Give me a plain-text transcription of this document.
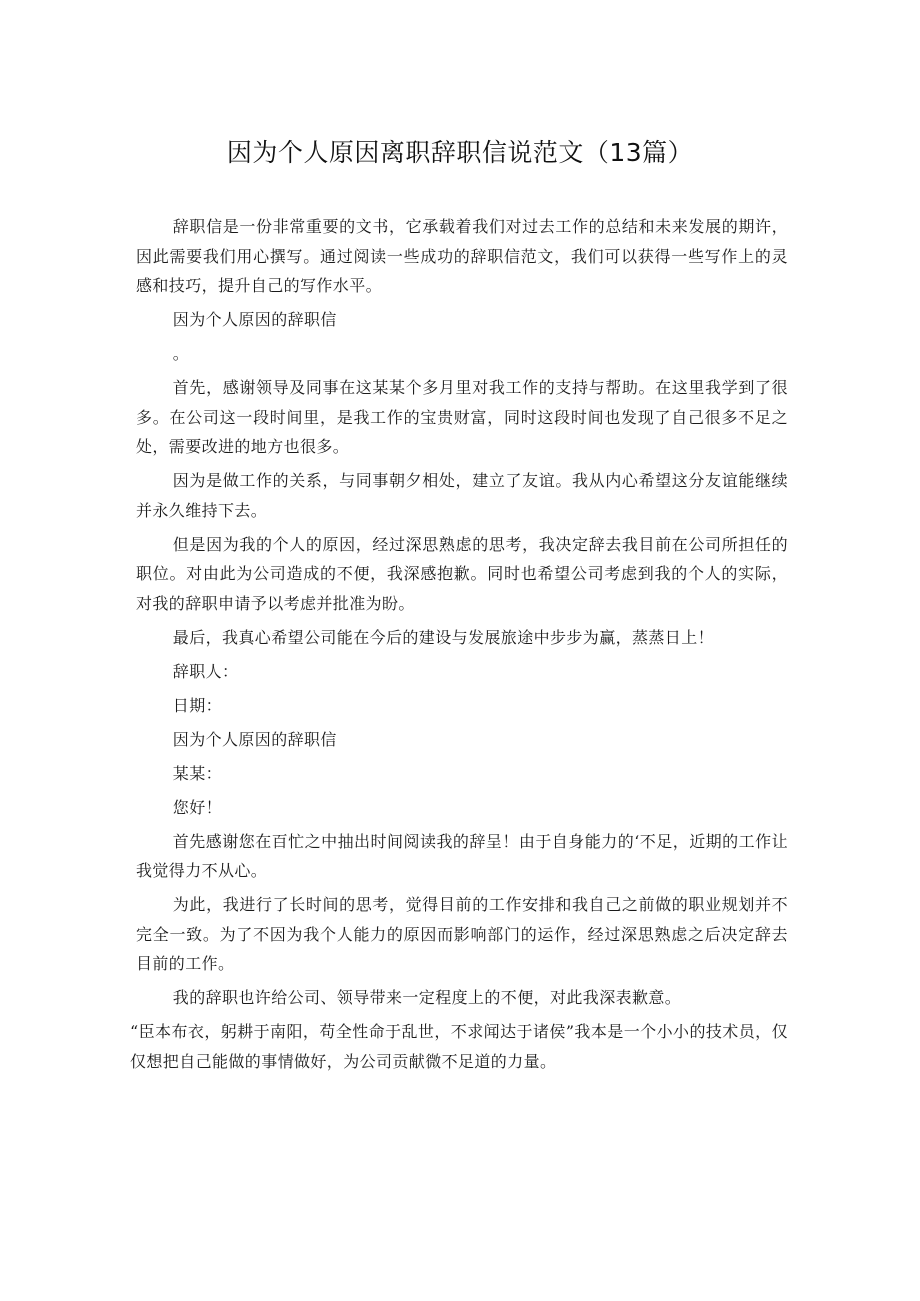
因为个人原因离职辞职信说范文（13篇）

辞职信是一份非常重要的文书，它承载着我们对过去工作的总结和未来发展的期许，因此需要我们用心撰写。通过阅读一些成功的辞职信范文，我们可以获得一些写作上的灵感和技巧，提升自己的写作水平。

因为个人原因的辞职信

。

首先，感谢领导及同事在这某某个多月里对我工作的支持与帮助。在这里我学到了很多。在公司这一段时间里，是我工作的宝贵财富，同时这段时间也发现了自己很多不足之处，需要改进的地方也很多。

因为是做工作的关系，与同事朝夕相处，建立了友谊。我从内心希望这分友谊能继续并永久维持下去。

但是因为我的个人的原因，经过深思熟虑的思考，我决定辞去我目前在公司所担任的职位。对由此为公司造成的不便，我深感抱歉。同时也希望公司考虑到我的个人的实际，对我的辞职申请予以考虑并批准为盼。

最后，我真心希望公司能在今后的建设与发展旅途中步步为赢，蒸蒸日上！

辞职人：

日期：

因为个人原因的辞职信

某某：

您好！

首先感谢您在百忙之中抽出时间阅读我的辞呈！由于自身能力的‘不足，近期的工作让我觉得力不从心。

为此，我进行了长时间的思考，觉得目前的工作安排和我自己之前做的职业规划并不完全一致。为了不因为我个人能力的原因而影响部门的运作，经过深思熟虑之后决定辞去目前的工作。

我的辞职也许给公司、领导带来一定程度上的不便，对此我深表歉意。

“臣本布衣，躬耕于南阳，苟全性命于乱世，不求闻达于诸侯”我本是一个小小的技术员，仅仅想把自己能做的事情做好，为公司贡献微不足道的力量。
